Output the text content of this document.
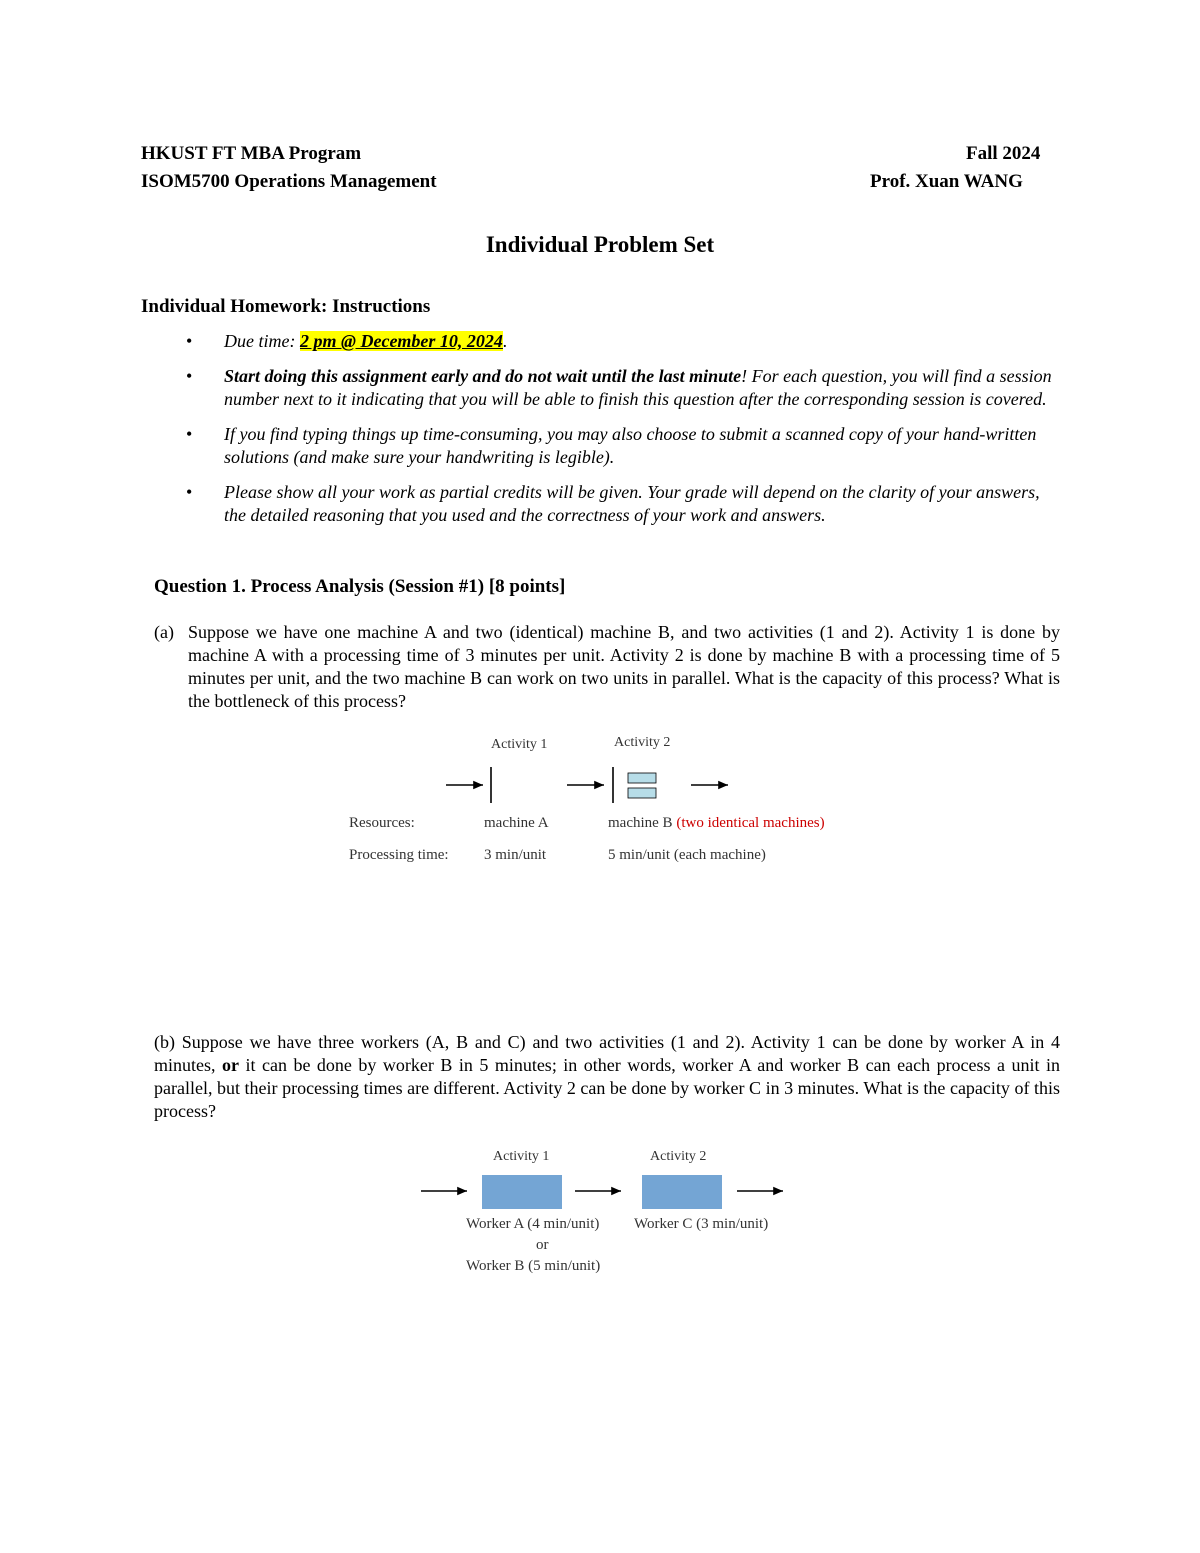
HKUST FT MBA Program
ISOM5700 Operations Management
Fall 2024
Prof. Xuan WANG
Individual Problem Set
Individual Homework: Instructions
• Due time: 2 pm @ December 10, 2024.
• Start doing this assignment early and do not wait until the last minute! For each question, you will find a session number next to it indicating that you will be able to finish this question after the corresponding session is covered.
• If you find typing things up time-consuming, you may also choose to submit a scanned copy of your hand-written solutions (and make sure your handwriting is legible).
• Please show all your work as partial credits will be given. Your grade will depend on the clarity of your answers, the detailed reasoning that you used and the correctness of your work and answers.
Question 1. Process Analysis (Session #1) [8 points]
(a) Suppose we have one machine A and two (identical) machine B, and two activities (1 and 2). Activity 1 is done by machine A with a processing time of 3 minutes per unit. Activity 2 is done by machine B with a processing time of 5 minutes per unit, and the two machine B can work on two units in parallel. What is the capacity of this process? What is the bottleneck of this process?
Activity 1	Activity 2
Resources:	machine A	machine B (two identical machines)
Processing time: 3 min/unit	5 min/unit (each machine)
(b) Suppose we have three workers (A, B and C) and two activities (1 and 2). Activity 1 can be done by worker A in 4 minutes, or it can be done by worker B in 5 minutes; in other words, worker A and worker B can each process a unit in parallel, but their processing times are different. Activity 2 can be done by worker C in 3 minutes. What is the capacity of this process?
Activity 1	Activity 2
Worker A (4 min/unit)
or
Worker B (5 min/unit)
Worker C (3 min/unit)
